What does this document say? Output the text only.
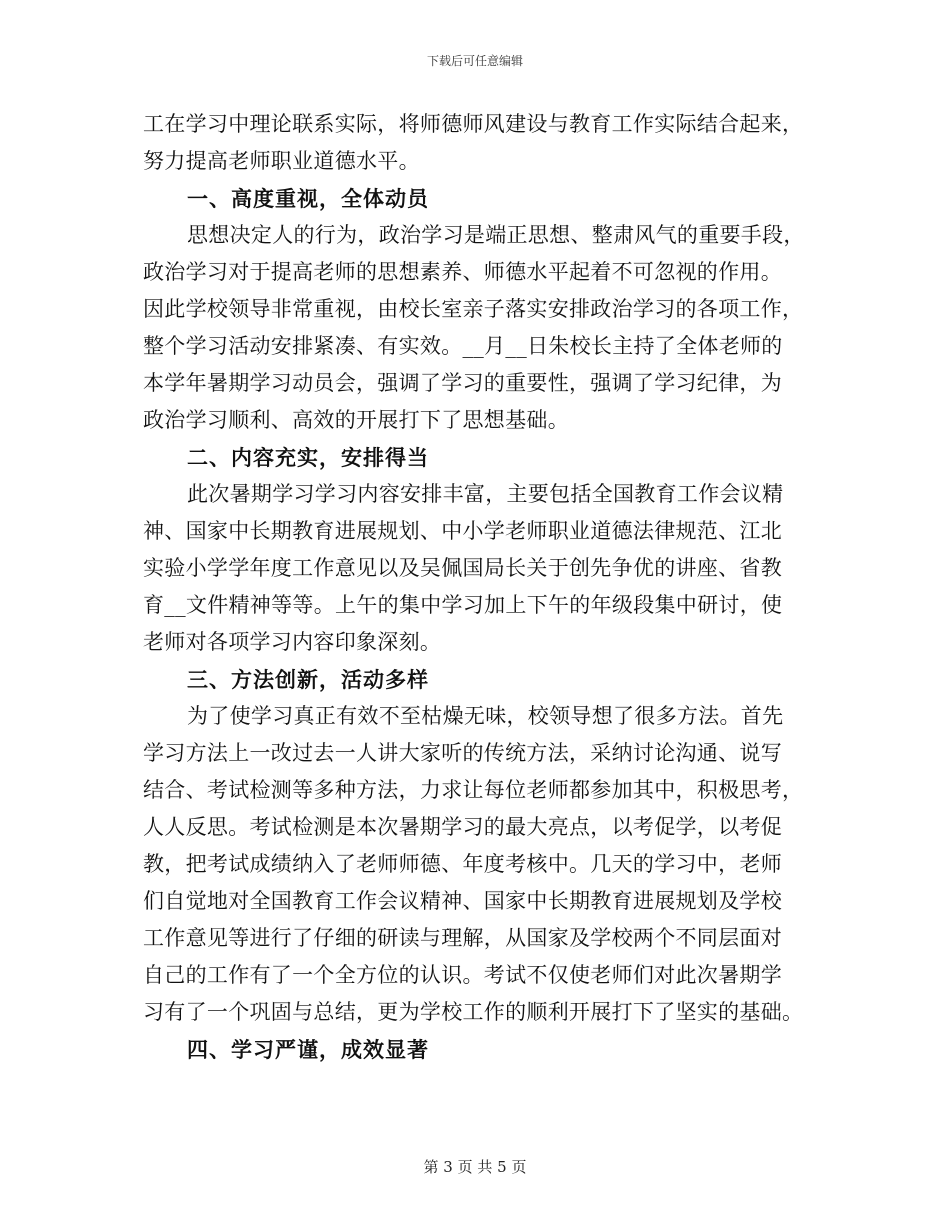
下载后可任意编辑
工在学习中理论联系实际，将师德师风建设与教育工作实际结合起来，
努力提高老师职业道德水平。
一、高度重视，全体动员
思想决定人的行为，政治学习是端正思想、整肃风气的重要手段，
政治学习对于提高老师的思想素养、师德水平起着不可忽视的作用。
因此学校领导非常重视，由校长室亲子落实安排政治学习的各项工作，
整个学习活动安排紧凑、有实效。__月__日朱校长主持了全体老师的
本学年暑期学习动员会，强调了学习的重要性，强调了学习纪律，为
政治学习顺利、高效的开展打下了思想基础。
二、内容充实，安排得当
此次暑期学习学习内容安排丰富，主要包括全国教育工作会议精
神、国家中长期教育进展规划、中小学老师职业道德法律规范、江北
实验小学学年度工作意见以及吴佩国局长关于创先争优的讲座、省教
育__文件精神等等。上午的集中学习加上下午的年级段集中研讨，使
老师对各项学习内容印象深刻。
三、方法创新，活动多样
为了使学习真正有效不至枯燥无味，校领导想了很多方法。首先
学习方法上一改过去一人讲大家听的传统方法，采纳讨论沟通、说写
结合、考试检测等多种方法，力求让每位老师都参加其中，积极思考，
人人反思。考试检测是本次暑期学习的最大亮点，以考促学，以考促
教，把考试成绩纳入了老师师德、年度考核中。几天的学习中，老师
们自觉地对全国教育工作会议精神、国家中长期教育进展规划及学校
工作意见等进行了仔细的研读与理解，从国家及学校两个不同层面对
自己的工作有了一个全方位的认识。考试不仅使老师们对此次暑期学
习有了一个巩固与总结，更为学校工作的顺利开展打下了坚实的基础。
四、学习严谨，成效显著
第 3 页 共 5 页
